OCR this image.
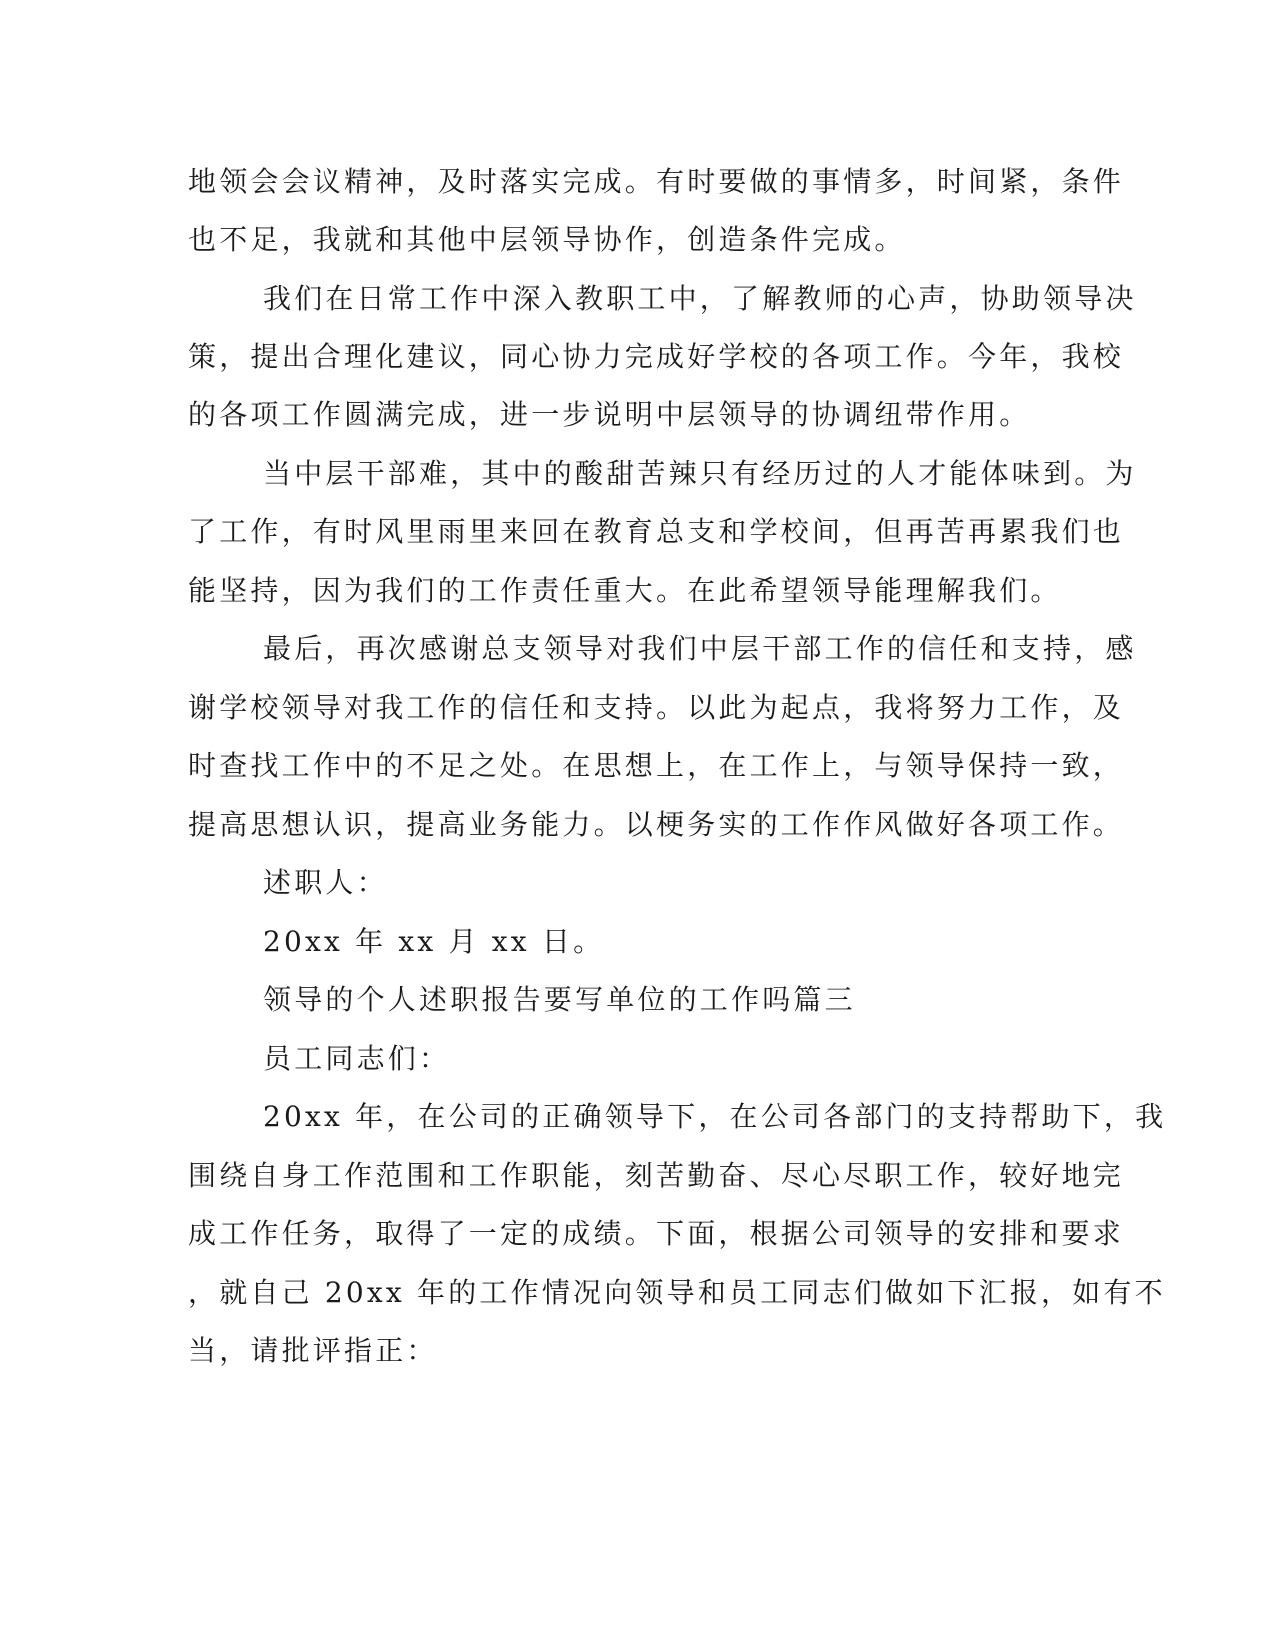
地领会会议精神，及时落实完成。有时要做的事情多，时间紧，条件
也不足，我就和其他中层领导协作，创造条件完成。
我们在日常工作中深入教职工中，了解教师的心声，协助领导决
策，提出合理化建议，同心协力完成好学校的各项工作。今年，我校
的各项工作圆满完成，进一步说明中层领导的协调纽带作用。
当中层干部难，其中的酸甜苦辣只有经历过的人才能体味到。为
了工作，有时风里雨里来回在教育总支和学校间，但再苦再累我们也
能坚持，因为我们的工作责任重大。在此希望领导能理解我们。
最后，再次感谢总支领导对我们中层干部工作的信任和支持，感
谢学校领导对我工作的信任和支持。以此为起点，我将努力工作，及
时查找工作中的不足之处。在思想上，在工作上，与领导保持一致，
提高思想认识，提高业务能力。以梗务实的工作作风做好各项工作。
述职人：
20xx 年 xx 月 xx 日。
领导的个人述职报告要写单位的工作吗篇三
员工同志们：
20xx 年，在公司的正确领导下，在公司各部门的支持帮助下，我
围绕自身工作范围和工作职能，刻苦勤奋、尽心尽职工作，较好地完
成工作任务，取得了一定的成绩。下面，根据公司领导的安排和要求
，就自己 20xx 年的工作情况向领导和员工同志们做如下汇报，如有不
当，请批评指正：
